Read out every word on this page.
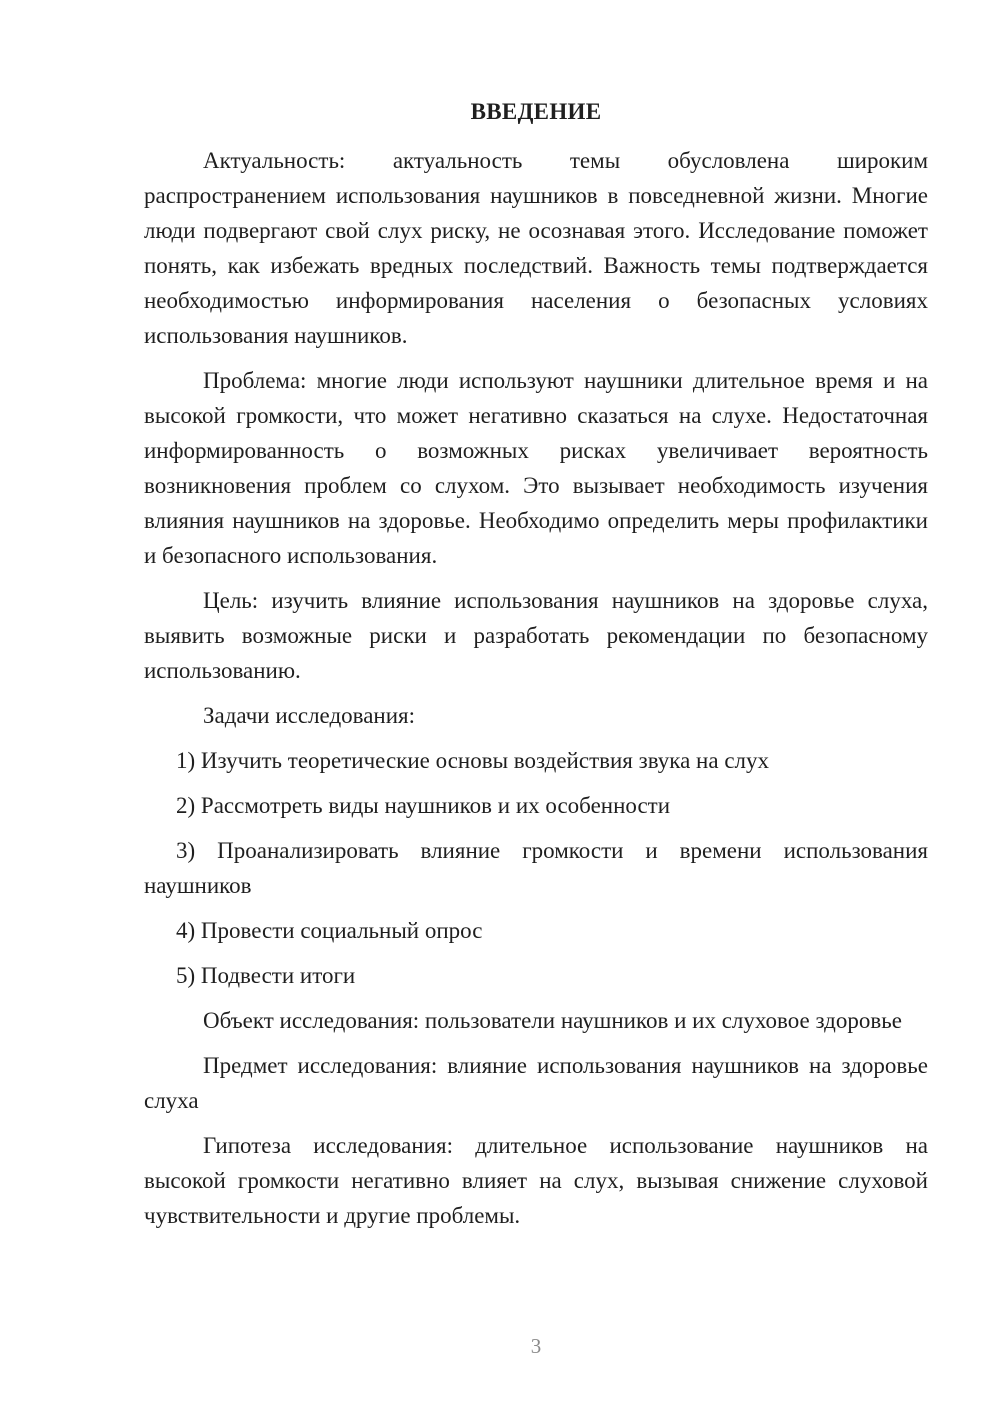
ВВЕДЕНИЕ

Актуальность: актуальность темы обусловлена широким распространением использования наушников в повседневной жизни. Многие люди подвергают свой слух риску, не осознавая этого. Исследование поможет понять, как избежать вредных последствий. Важность темы подтверждается необходимостью информирования населения о безопасных условиях использования наушников.

Проблема: многие люди используют наушники длительное время и на высокой громкости, что может негативно сказаться на слухе. Недостаточная информированность о возможных рисках увеличивает вероятность возникновения проблем со слухом. Это вызывает необходимость изучения влияния наушников на здоровье. Необходимо определить меры профилактики и безопасного использования.

Цель: изучить влияние использования наушников на здоровье слуха, выявить возможные риски и разработать рекомендации по безопасному использованию.

Задачи исследования:

1) Изучить теоретические основы воздействия звука на слух

2) Рассмотреть виды наушников и их особенности

3) Проанализировать влияние громкости и времени использования наушников

4) Провести социальный опрос

5) Подвести итоги

Объект исследования: пользователи наушников и их слуховое здоровье

Предмет исследования: влияние использования наушников на здоровье слуха

Гипотеза исследования: длительное использование наушников на высокой громкости негативно влияет на слух, вызывая снижение слуховой чувствительности и другие проблемы.

3
